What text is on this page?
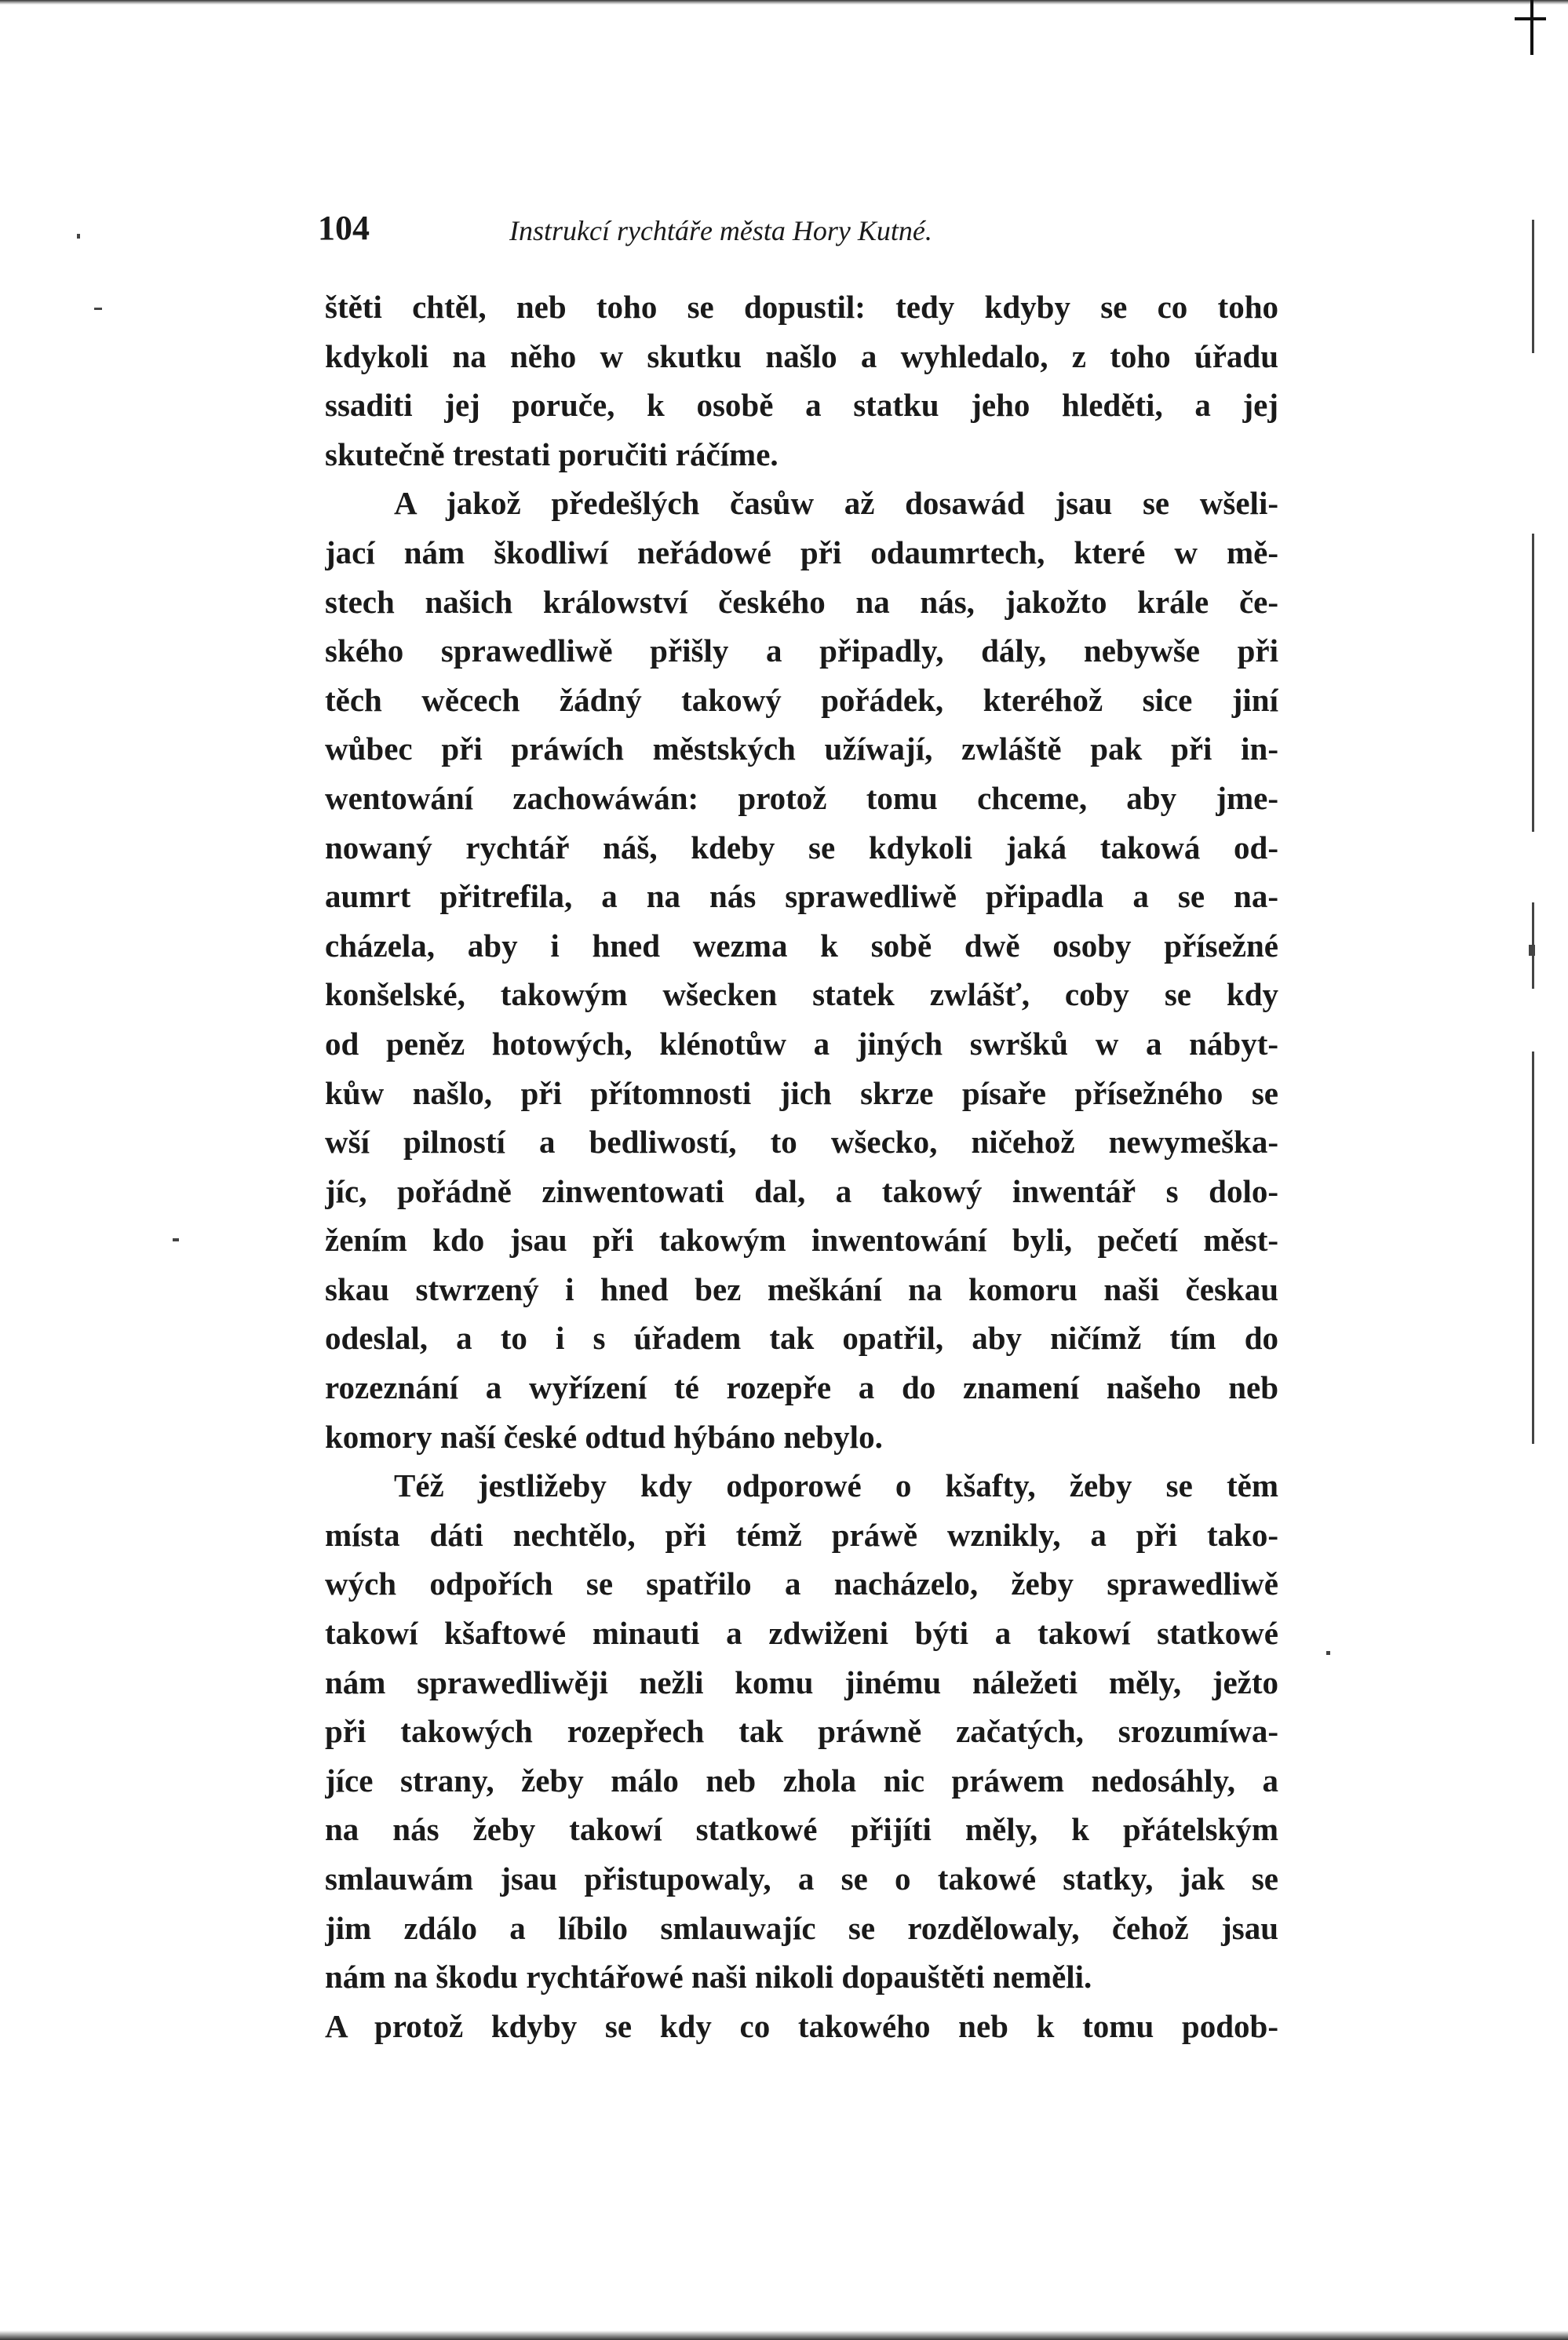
104	Instrukcí rychtáře města Hory Kutné.
štěti chtěl, neb toho se dopustil: tedy kdyby se co toho
kdykoli na něho w skutku našlo a wyhledalo, z toho úřadu
ssaditi jej poruče, k osobě a statku jeho hleděti, a jej
skutečně trestati poručiti ráčíme.
A jakož předešlých časůw až dosawád jsau se wšeli-
jací nám škodliwí neřádowé při odaumrtech, které w mě-
stech našich králowství českého na nás, jakožto krále če-
ského sprawedliwě přišly a připadly, dály, nebywše při
těch wěcech žádný takowý pořádek, kteréhož sice jiní
wůbec při práwích městských užíwají, zwláště pak při in-
wentowání zachowáwán: protož tomu chceme, aby jme-
nowaný rychtář náš, kdeby se kdykoli jaká takowá od-
aumrt přitrefila, a na nás sprawedliwě připadla a se na-
cházela, aby i hned wezma k sobě dwě osoby přísežné
konšelské, takowým wšecken statek zwlášť, coby se kdy
od peněz hotowých, klénotůw a jiných swršků w a nábyt-
kůw našlo, při přítomnosti jich skrze písaře přísežného se
wší pilností a bedliwostí, to wšecko, ničehož newymeška-
jíc, pořádně zinwentowati dal, a takowý inwentář s dolo-
žením kdo jsau při takowým inwentowání byli, pečetí měst-
skau stwrzený i hned bez meškání na komoru naši českau
odeslal, a to i s úřadem tak opatřil, aby ničímž tím do
rozeznání a wyřízení té rozepře a do znamení našeho neb
komory naší české odtud hýbáno nebylo.
Též jestližeby kdy odporowé o kšafty, žeby se těm
místa dáti nechtělo, při témž práwě wznikly, a při tako-
wých odpořích se spatřilo a nacházelo, žeby sprawedliwě
takowí kšaftowé minauti a zdwiženi býti a takowí statkowé
nám sprawedliwěji nežli komu jinému náležeti měly, ježto
při takowých rozepřech tak práwně začatých, srozumíwa-
jíce strany, žeby málo neb zhola nic práwem nedosáhly, a
na nás žeby takowí statkowé přijíti měly, k přátelským
smlauwám jsau přistupowaly, a se o takowé statky, jak se
jim zdálo a líbilo smlauwajíc se rozdělowaly, čehož jsau
nám na škodu rychtářowé naši nikoli dopauštěti neměli.
A protož kdyby se kdy co takowého neb k tomu podob-
